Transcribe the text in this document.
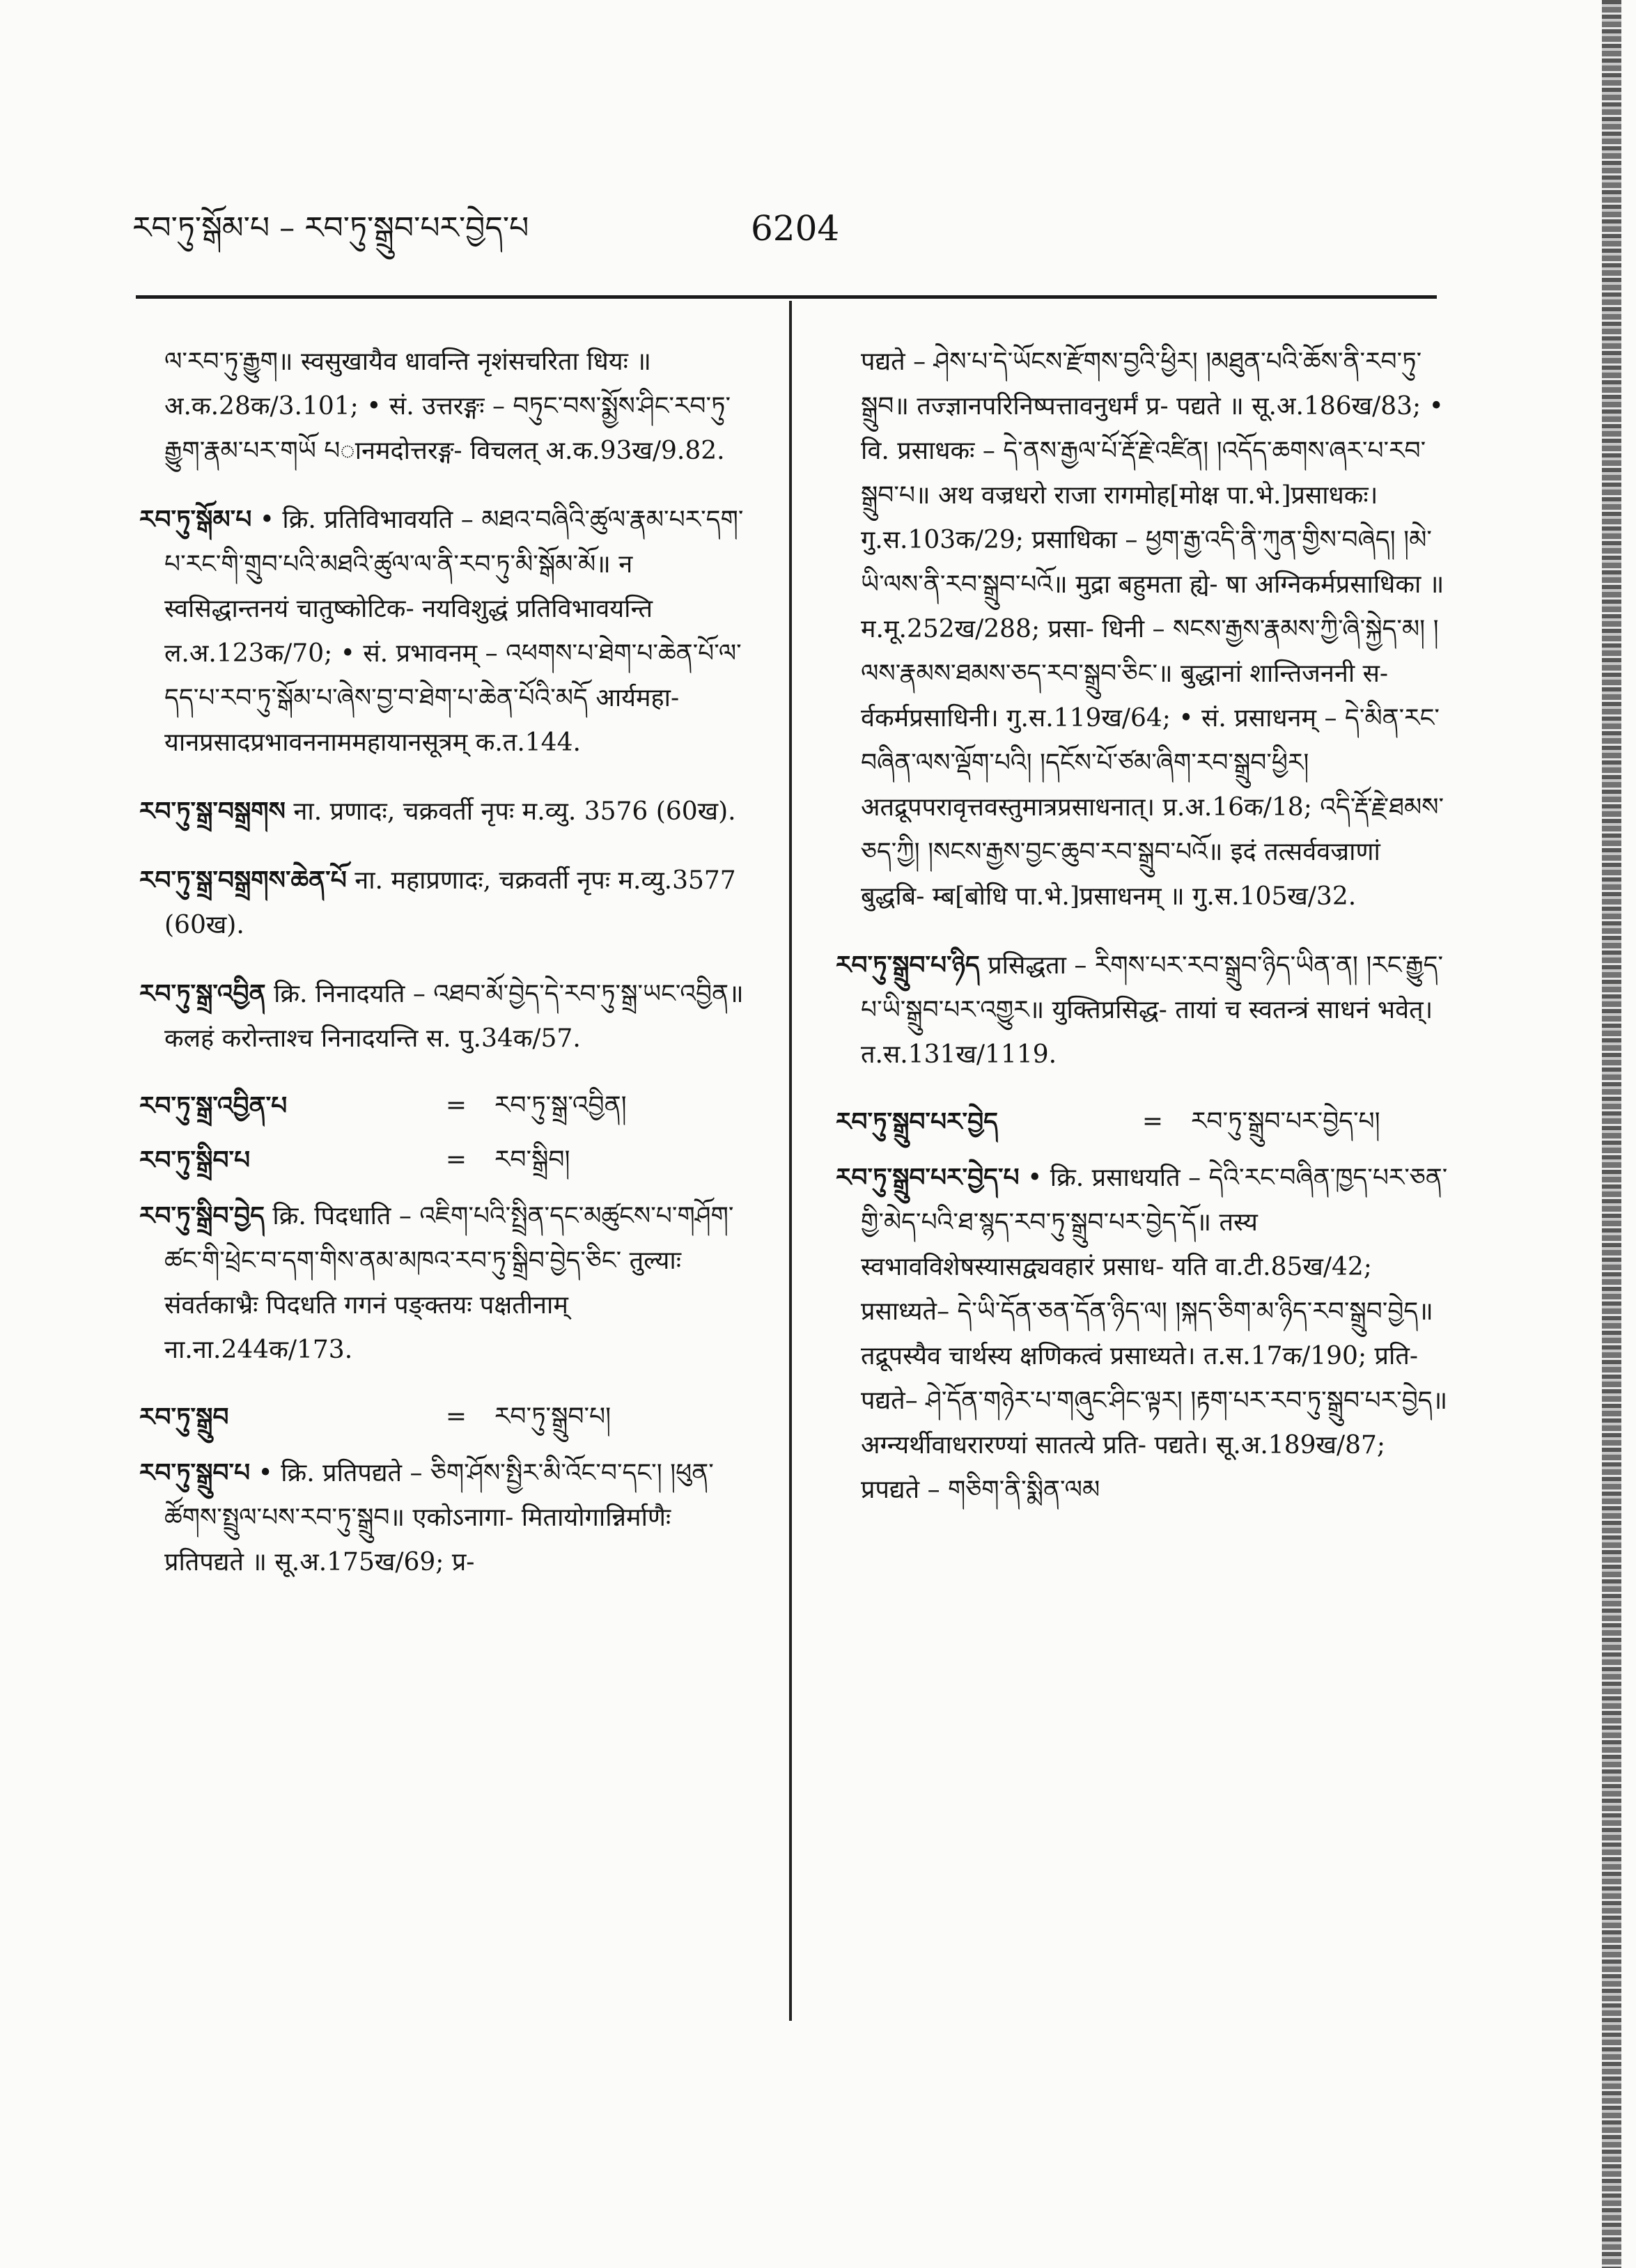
རབ་ཏུ་སྒོམ་པ – རབ་ཏུ་སྒྲུབ་པར་བྱེད་པ	6204
ལ་རབ་ཏུ་རྒྱུག॥ स्वसुखायैव धावन्ति नृशंसचरिता धियः ॥ अ.क.28क/3.101; • सं. उत्तरङ्गः – བཏུང་བས་སྨྱོས་ཤིང་རབ་ཏུ་རྒྱུག་རྣམ་པར་གཡོ པानमदोत्तरङ्ग- विचलत् अ.क.93ख/9.82.
རབ་ཏུ་སྒོམ་པ • क्रि. प्रतिविभावयति – མཐའ་བཞིའི་ཚུལ་རྣམ་པར་དག་པ་རང་གི་གྲུབ་པའི་མཐའི་ཚུལ་ལ་ནི་རབ་ཏུ་མི་སྒོམ་མོ॥ न स्वसिद्धान्तनयं चातुष्कोटिक- नयविशुद्धं प्रतिविभावयन्ति ल.अ.123क/70; • सं. प्रभावनम् – འཕགས་པ་ཐེག་པ་ཆེན་པོ་ལ་དད་པ་རབ་ཏུ་སྒོམ་པ་ཞེས་བྱ་བ་ཐེག་པ་ཆེན་པོའི་མདོ आर्यमहा- यानप्रसादप्रभावननाममहायानसूत्रम् क.त.144.
རབ་ཏུ་སྒྲ་བསྒྲགས ना. प्रणादः, चक्रवर्ती नृपः म.व्यु. 3576 (60ख).
རབ་ཏུ་སྒྲ་བསྒྲགས་ཆེན་པོ ना. महाप्रणादः, चक्रवर्ती नृपः म.व्यु.3577 (60ख).
རབ་ཏུ་སྒྲ་འབྱིན क्रि. निनादयति – འཐབ་མོ་བྱེད་དེ་རབ་ཏུ་སྒྲ་ཡང་འབྱིན॥ कलहं करोन्ताश्च निनादयन्ति स. पु.34क/57.
རབ་ཏུ་སྒྲ་འབྱིན་པ	=	རབ་ཏུ་སྒྲ་འབྱིན།
རབ་ཏུ་སྒྲིབ་པ	=	རབ་སྒྲིབ།
རབ་ཏུ་སྒྲིབ་བྱེད क्रि. पिदधाति – འཇིག་པའི་སྤྲིན་དང་མཚུངས་པ་གཤོག་ཚང་གི་ཕྲེང་བ་དག་གིས་ནམ་མཁའ་རབ་ཏུ་སྒྲིབ་བྱེད་ཅིང་ तुल्याः संवर्तकाभ्रैः पिदधति गगनं पङ्क्तयः पक्षतीनाम् ना.ना.244क/173.
རབ་ཏུ་སྒྲུབ	=	རབ་ཏུ་སྒྲུབ་པ།
རབ་ཏུ་སྒྲུབ་པ • क्रि. प्रतिपद्यते – ཅིག་ཤོས་སྤྱིར་མི་འོང་བ་དང་། །ཕུན་ཚོགས་སྤྲུལ་པས་རབ་ཏུ་སྒྲུབ॥ एकोऽनागा- मितायोगान्निर्माणैः प्रतिपद्यते ॥ सू.अ.175ख/69; प्र-
पद्यते – ཤེས་པ་དེ་ཡོངས་རྫོགས་བྱའི་ཕྱིར། །མཐུན་པའི་ཆོས་ནི་རབ་ཏུ་སྒྲུབ॥ तज्ज्ञानपरिनिष्पत्तावनुधर्मं प्र- पद्यते ॥ सू.अ.186ख/83; • वि. प्रसाधकः – དེ་ནས་རྒྱལ་པོ་རྡོ་རྗེ་འཛིན། །འདོད་ཆགས་ཞར་པ་རབ་སྒྲུབ་པ॥ अथ वज्रधरो राजा रागमोह[मोक्ष पा.भे.]प्रसाधकः। गु.स.103क/29; प्रसाधिका – ཕྱག་རྒྱ་འདི་ནི་ཀུན་གྱིས་བཞེད། །མེ་ཡི་ལས་ནི་རབ་སྒྲུབ་པའོ॥ मुद्रा बहुमता ह्ये- षा अग्निकर्मप्रसाधिका ॥ म.मू.252ख/288; प्रसा- धिनी – སངས་རྒྱས་རྣམས་ཀྱི་ཞི་སྐྱེད་མ། །ལས་རྣམས་ཐམས་ཅད་རབ་སྒྲུབ་ཅིང་॥ बुद्धानां शान्तिजननी स- र्वकर्मप्रसाधिनी। गु.स.119ख/64; • सं. प्रसाधनम् – དེ་མིན་རང་བཞིན་ལས་ལྡོག་པའི། །དངོས་པོ་ཙམ་ཞིག་རབ་སྒྲུབ་ཕྱིར། अतद्रूपपरावृत्तवस्तुमात्रप्रसाधनात्। प्र.अ.16क/18; འདི་རྡོ་རྗེ་ཐམས་ཅད་ཀྱི། །སངས་རྒྱས་བྱང་ཆུབ་རབ་སྒྲུབ་པའོ॥ इदं तत्सर्ववज्राणां बुद्धबि- म्ब[बोधि पा.भे.]प्रसाधनम् ॥ गु.स.105ख/32.
རབ་ཏུ་སྒྲུབ་པ་ཉིད प्रसिद्धता – རིགས་པར་རབ་སྒྲུབ་ཉིད་ཡིན་ན། །རང་རྒྱུད་པ་ཡི་སྒྲུབ་པར་འགྱུར॥ युक्तिप्रसिद्ध- तायां च स्वतन्त्रं साधनं भवेत्। त.स.131ख/1119.
རབ་ཏུ་སྒྲུབ་པར་བྱེད	=	རབ་ཏུ་སྒྲུབ་པར་བྱེད་པ།
རབ་ཏུ་སྒྲུབ་པར་བྱེད་པ • क्रि. प्रसाधयति – དེའི་རང་བཞིན་ཁྱད་པར་ཅན་གྱི་མེད་པའི་ཐ་སྙད་རབ་ཏུ་སྒྲུབ་པར་བྱེད་དོ॥ तस्य स्वभावविशेषस्यासद्व्यवहारं प्रसाध- यति वा.टी.85ख/42; प्रसाध्यते– དེ་ཡི་དོན་ཅན་དོན་ཉིད་ལ། །སྐད་ཅིག་མ་ཉིད་རབ་སྒྲུབ་བྱེད॥ तद्रूपस्यैव चार्थस्य क्षणिकत्वं प्रसाध्यते। त.स.17क/190; प्रति- पद्यते– ཤེ་དོན་གཉེར་པ་གཞུང་ཤིང་ལྟར། །རྟག་པར་རབ་ཏུ་སྒྲུབ་པར་བྱེད॥ अग्न्यर्थीवाधरारण्यां सातत्ये प्रति- पद्यते। सू.अ.189ख/87; प्रपद्यते – གཅིག་ནི་སྨིན་ལམ
